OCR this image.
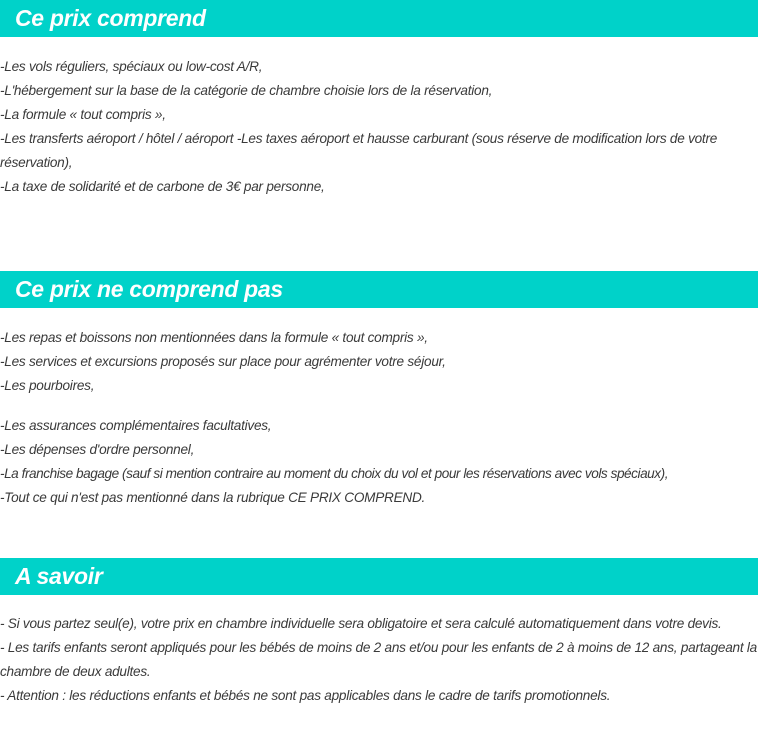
Ce prix comprend

-Les vols réguliers, spéciaux ou low-cost A/R,

-L'hébergement sur la base de la catégorie de chambre choisie lors de la réservation,

-La formule « tout compris »,

-Les transferts aéroport / hôtel / aéroport -Les taxes aéroport et hausse carburant (sous réserve de modification lors de votre réservation),

-La taxe de solidarité et de carbone de 3€ par personne,

Ce prix ne comprend pas

-Les repas et boissons non mentionnées dans la formule « tout compris »,

-Les services et excursions proposés sur place pour agrémenter votre séjour,

-Les pourboires,

-Les assurances complémentaires facultatives,

-Les dépenses d'ordre personnel,

-La franchise bagage (sauf si mention contraire au moment du choix du vol et pour les réservations avec vols spéciaux),

-Tout ce qui n'est pas mentionné dans la rubrique CE PRIX COMPREND.

A savoir

- Si vous partez seul(e), votre prix en chambre individuelle sera obligatoire et sera calculé automatiquement dans votre devis.

- Les tarifs enfants seront appliqués pour les bébés de moins de 2 ans et/ou pour les enfants de 2 à moins de 12 ans, partageant la chambre de deux adultes.

- Attention : les réductions enfants et bébés ne sont pas applicables dans le cadre de tarifs promotionnels.
